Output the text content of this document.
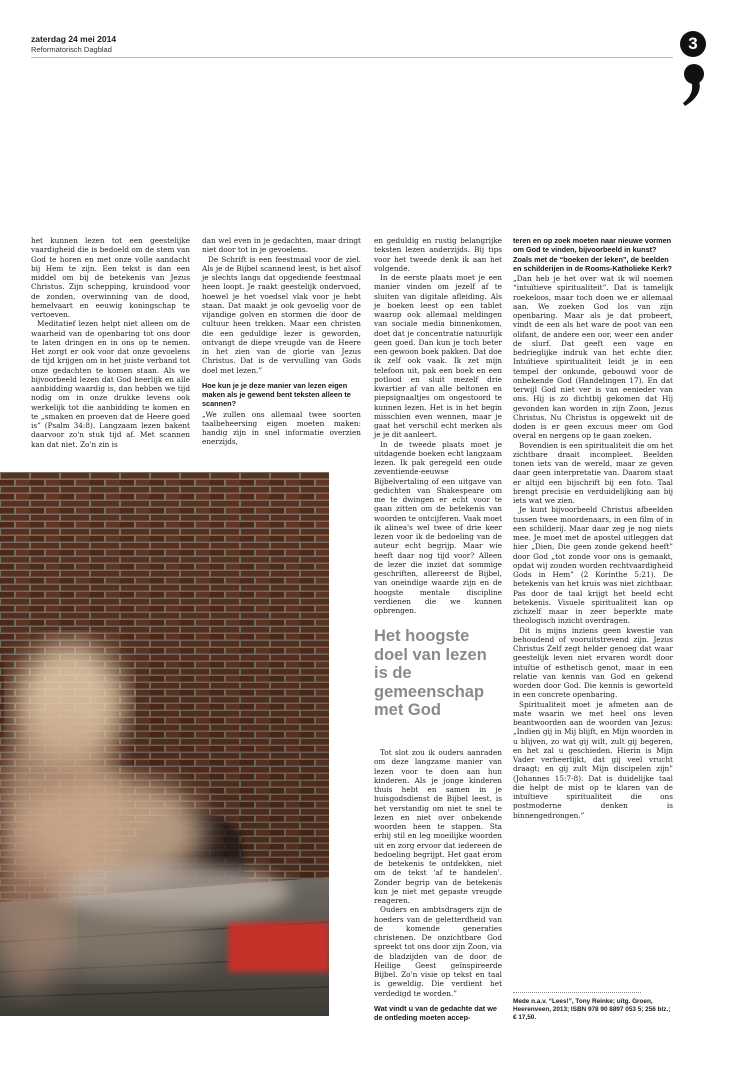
zaterdag 24 mei 2014
Reformatorisch Dagblad	3

het kunnen lezen tot een geestelijke vaardigheid die is bedoeld om de stem van God te horen en met onze volle aandacht bij Hem te zijn. Een tekst is dan een middel om bij de betekenis van Jezus Christus. Zijn schepping, kruisdood voor de zonden, overwinning van de dood, hemelvaart en eeuwig koningschap te vertoeven.

Meditatief lezen helpt niet alleen om de waarheid van de openbaring tot ons door te laten dringen en in ons op te nemen. Het zorgt er ook voor dat onze gevoelens de tijd krijgen om in het juiste verband tot onze gedachten te komen staan. Als we bijvoorbeeld lezen dat God heerlijk en alle aanbidding waardig is, dan hebben we tijd nodig om in onze drukke levens ook werkelijk tot die aanbidding te komen en te „smaken en proeven dat de Heere goed is” (Psalm 34:8). Langzaam lezen bakent daarvoor zo'n stuk tijd af. Met scannen kan dat niet. Zo'n zin is

dan wel even in je gedachten, maar dringt niet door tot in je gevoelens.

De Schrift is een feestmaal voor de ziel. Als je de Bijbel scannend leest, is het alsof je slechts langs dat opgediende feestmaal heen loopt. Je raakt geestelijk ondervoed, hoewel je het voedsel vlak voor je hebt staan. Dat maakt je ook gevoelig voor de vijandige golven en stormen die door de cultuur heen trekken. Maar een christen die een geduldige lezer is geworden, ontvangt de diepe vreugde van de Heere in het zien van de glorie van Jezus Christus. Dat is de vervulling van Gods doel met lezen.”

Hoe kun je je deze manier van lezen eigen maken als je gewend bent teksten alleen te scannen?

„We zullen ons allemaal twee soorten taalbeheersing eigen moeten maken: handig zijn in snel informatie overzien enerzijds,

en geduldig en rustig belangrijke teksten lezen anderzijds. Bij tips voor het tweede denk ik aan het volgende.

In de eerste plaats moet je een manier vinden om jezelf af te sluiten van digitale afleiding. Als je boeken leest op een tablet waarop ook allemaal meldingen van sociale media binnenkomen, doet dat je concentratie natuurlijk geen goed. Dan kun je toch beter een gewoon boek pakken. Dat doe ik zelf ook vaak. Ik zet mijn telefoon uit, pak een boek en een potlood en sluit mezelf drie kwartier af van alle beltonen en piepsignaaltjes om ongestoord te kunnen lezen. Het is in het begin misschien even wennen, maar je gaat het verschil echt merken als je je dit aanleert.

In de tweede plaats moet je uitdagende boeken echt langzaam lezen. Ik pak geregeld een oude zeventiende-eeuwse Bijbelvertaling of een uitgave van gedichten van Shakespeare om me te dwingen er echt voor te gaan zitten om de betekenis van woorden te ontcijferen. Vaak moet ik alinea's wel twee of drie keer lezen voor ik de bedoeling van de auteur echt begrijp. Maar wie heeft daar nog tijd voor? Alleen de lezer die inziet dat sommige geschriften, allereerst de Bijbel, van oneindige waarde zijn en de hoogste mentale discipline verdienen die we kunnen opbrengen.

Het hoogste doel van lezen is de gemeenschap met God

Tot slot zou ik ouders aanraden om deze langzame manier van lezen voor te doen aan hun kinderen. Als je jonge kinderen thuis hebt en samen in je huisgodsdienst de Bijbel leest, is het verstandig om niet te snel te lezen en niet over onbekende woorden heen te stappen. Sta erbij stil en leg moeilijke woorden uit en zorg ervoor dat iedereen de bedoeling begrijpt. Het gaat erom de betekenis te ontdekken, niet om de tekst 'af te handelen'. Zonder begrip van de betekenis kun je niet met gepaste vreugde reageren.

Ouders en ambtsdragers zijn de hoeders van de geletterdheid van de komende generaties christenen. De onzichtbare God spreekt tot ons door zijn Zoon, via de bladzijden van de door de Heilige Geest geïnspireerde Bijbel. Zo'n visie op tekst en taal is geweldig. Die verdient het verdedigd te worden.”

Wat vindt u van de gedachte dat we de ontleding moeten accep-
teren en op zoek moeten naar nieuwe vormen om God te vinden, bijvoorbeeld in kunst? Zoals met de “boeken der leken”, de beelden en schilderijen in de Rooms-Katholieke Kerk?

„Dan heb je het over wat ik wil noemen “intuïtieve spiritualiteit”. Dat is tamelijk roekeloos, maar toch doen we er allemaal aan. We zoeken God los van zijn openbaring. Maar als je dat probeert, vindt de een als het ware de poot van een olifant, de andere een oor, weer een ander de slurf. Dat geeft een vage en bedrieglijke indruk van het echte dier. Intuïtieve spiritualiteit leidt je in een tempel der onkunde, gebouwd voor de onbekende God (Handelingen 17). En dat terwijl God niet ver is van eenieder van ons. Hij is zo dichtbij gekomen dat Hij gevonden kan worden in zijn Zoon, Jezus Christus. Nu Christus is opgewekt uit de doden is er geen excuus meer om God overal en nergens op te gaan zoeken.

Bovendien is een spiritualiteit die om het zichtbare draait incompleet. Beelden tonen iets van de wereld, maar ze geven daar geen interpretatie van. Daarom staat er altijd een bijschrift bij een foto. Taal brengt precisie en verduidelijking aan bij iets wat we zien.

Je kunt bijvoorbeeld Christus afbeelden tussen twee moordenaars, in een film of in een schilderij. Maar daar zeg je nog niets mee. Je moet met de apostel uitleggen dat hier „Dien, Die geen zonde gekend heeft” door God „tot zonde voor ons is gemaakt, opdat wij zouden worden rechtvaardigheid Gods in Hem” (2 Korinthe 5:21). De betekenis van het kruis was niet zichtbaar. Pas door de taal krijgt het beeld echt betekenis. Visuele spiritualiteit kan op zichzelf maar in zeer beperkte mate theologisch inzicht overdragen.

Dit is mijns inziens geen kwestie van behoudend of vooruitstrevend zijn. Jezus Christus Zelf zegt helder genoeg dat waar geestelijk leven niet ervaren wordt door intuïtie of esthetisch genot, maar in een relatie van kennis van God en gekend worden door God. Die kennis is geworteld in een concrete openbaring.

Spiritualiteit moet je afmeten aan de mate waarin we met heel ons leven beantwoorden aan de woorden van Jezus: „Indien gij in Mij blijft, en Mijn woorden in u blijven, zo wat gij wilt, zult gij begeren, en het zal u geschieden. Hierin is Mijn Vader verheerlijkt, dat gij veel vrucht draagt; en gij zult Mijn discipelen zijn” (Johannes 15:7-8). Dat is duidelijke taal die helpt de mist op te klaren van de intuïtieve spiritualiteit die ons postmoderne denken is binnengedrongen.”

Mede n.a.v. “Lees!”, Tony Reinke; uitg. Groen, Heerenveen, 2013; ISBN 978 90 8897 053 5; 256 blz.; € 17,50.
